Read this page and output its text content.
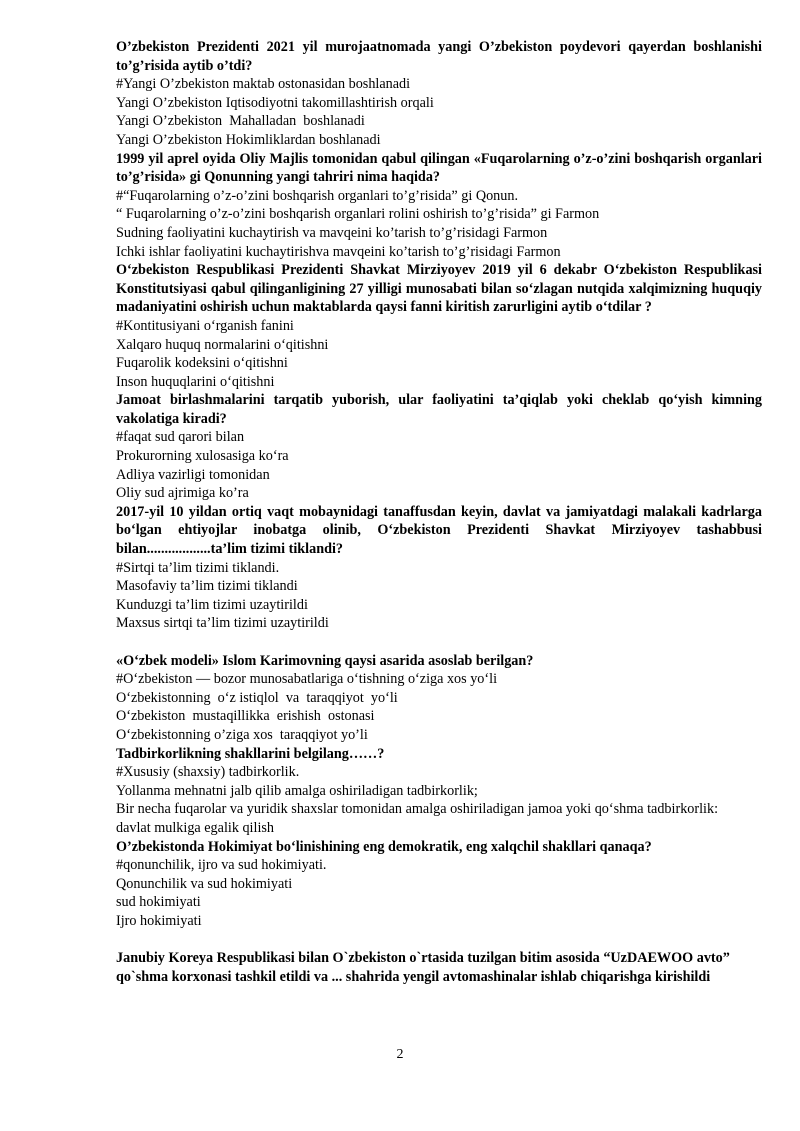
O’zbekiston Prezidenti 2021 yil murojaatnomada yangi O’zbekiston poydevori qayerdan boshlanishi to’g’risida aytib o’tdi?

#Yangi O’zbekiston maktab ostonasidan boshlanadi

Yangi O’zbekiston Iqtisodiyotni takomillashtirish orqali

Yangi O’zbekiston  Mahalladan  boshlanadi

Yangi O’zbekiston Hokimliklardan boshlanadi

1999 yil aprel oyida Oliy Majlis tomonidan qabul qilingan «Fuqarolarning o’z-o’zini boshqarish organlari to’g’risida» gi Qonunning yangi tahriri nima haqida?

#“Fuqarolarning o’z-o’zini boshqarish organlari to’g’risida” gi Qonun.

“ Fuqarolarning o’z-o’zini boshqarish organlari rolini oshirish to’g’risida” gi Farmon

Sudning faoliyatini kuchaytirish va mavqeini ko’tarish to’g’risidagi Farmon

Ichki ishlar faoliyatini kuchaytirishva mavqeini ko’tarish to’g’risidagi Farmon

O‘zbekiston Respublikasi Prezidenti Shavkat Mirziyoyev 2019 yil 6 dekabr O‘zbekiston Respublikasi Konstitutsiyasi qabul qilinganligining 27 yilligi munosabati bilan so‘zlagan nutqida xalqimizning huquqiy madaniyatini oshirish uchun maktablarda qaysi fanni kiritish zarurligini aytib o‘tdilar ?

#Kontitusiyani o‘rganish fanini

Xalqaro huquq normalarini o‘qitishni

Fuqarolik kodeksini o‘qitishni

Inson huquqlarini o‘qitishni

Jamoat birlashmalarini tarqatib yuborish, ular faoliyatini ta’qiqlab yoki cheklab qo‘yish kimning vakolatiga kiradi?

#faqat sud qarori bilan

Prokurorning xulosasiga ko‘ra

Adliya vazirligi tomonidan

Oliy sud ajrimiga ko’ra

2017-yil 10 yildan ortiq vaqt mobaynidagi tanaffusdan keyin, davlat va jamiyatdagi malakali kadrlarga bo‘lgan ehtiyojlar inobatga olinib, O‘zbekiston Prezidenti Shavkat Mirziyoyev tashabbusi bilan..................ta’lim tizimi tiklandi?

#Sirtqi ta’lim tizimi tiklandi.

Masofaviy ta’lim tizimi tiklandi

Kunduzgi ta’lim tizimi uzaytirildi

Maxsus sirtqi ta’lim tizimi uzaytirildi

«O‘zbek modeli» Islom Karimovning qaysi asarida asoslab berilgan?

#O‘zbekiston — bozor munosabatlariga o‘tishning o‘ziga xos yo‘li

O‘zbekistonning  o‘z istiqlol  va  taraqqiyot  yo‘li

O‘zbekiston  mustaqillikka  erishish  ostonasi

O‘zbekistonning o’ziga xos  taraqqiyot yo’li

Tadbirkorlikning shakllarini belgilang……?

#Xususiy (shaxsiy) tadbirkorlik.

Yollanma mehnatni jalb qilib amalga oshiriladigan tadbirkorlik;

Bir necha fuqarolar va yuridik shaxslar tomonidan amalga oshiriladigan jamoa yoki qo‘shma tadbirkorlik:

davlat mulkiga egalik qilish

O’zbekistonda Hokimiyat bo‘linishining eng demokratik, eng xalqchil shakllari qanaqa?

#qonunchilik, ijro va sud hokimiyati.

Qonunchilik va sud hokimiyati

sud hokimiyati

Ijro hokimiyati

Janubiy Koreya Respublikasi bilan O`zbekiston o`rtasida tuzilgan bitim asosida “UzDAEWOO avto” qo`shma korxonasi tashkil etildi va ... shahrida yengil avtomashinalar ishlab chiqarishga kirishildi

2
